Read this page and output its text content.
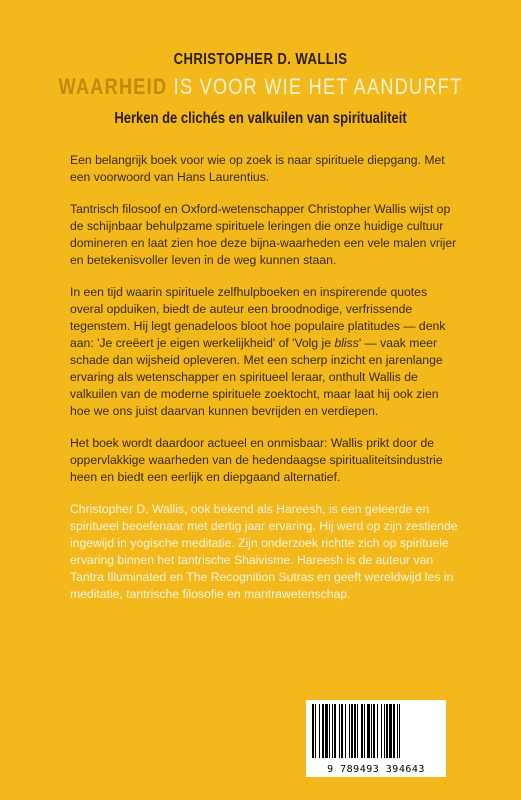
CHRISTOPHER D. WALLIS

WAARHEID IS VOOR WIE HET AANDURFT

Herken de clichés en valkuilen van spiritualiteit

Een belangrijk boek voor wie op zoek is naar spirituele diepgang. Met een voorwoord van Hans Laurentius.

Tantrisch filosoof en Oxford-wetenschapper Christopher Wallis wijst op de schijnbaar behulpzame spirituele leringen die onze huidige cultuur domineren en laat zien hoe deze bijna-waarheden een vele malen vrijer en betekenisvoller leven in de weg kunnen staan.

In een tijd waarin spirituele zelfhulpboeken en inspirerende quotes overal opduiken, biedt de auteur een broodnodige, verfrissende tegenstem. Hij legt genadeloos bloot hoe populaire platitudes — denk aan: 'Je creëert je eigen werkelijkheid' of 'Volg je bliss' — vaak meer schade dan wijsheid opleveren. Met een scherp inzicht en jarenlange ervaring als wetenschapper en spiritueel leraar, onthult Wallis de valkuilen van de moderne spirituele zoektocht, maar laat hij ook zien hoe we ons juist daarvan kunnen bevrijden en verdiepen.

Het boek wordt daardoor actueel en onmisbaar: Wallis prikt door de oppervlakkige waarheden van de hedendaagse spiritualiteitsindustrie heen en biedt een eerlijk en diepgaand alternatief.

Christopher D. Wallis, ook bekend als Hareesh, is een geleerde en spiritueel beoefenaar met dertig jaar ervaring. Hij werd op zijn zestiende ingewijd in yogische meditatie. Zijn onderzoek richtte zich op spirituele ervaring binnen het tantrische Shaivisme. Hareesh is de auteur van Tantra Illuminated en The Recognition Sutras en geeft wereldwijd les in meditatie, tantrische filosofie en mantrawetenschap.

9 789493 394643
